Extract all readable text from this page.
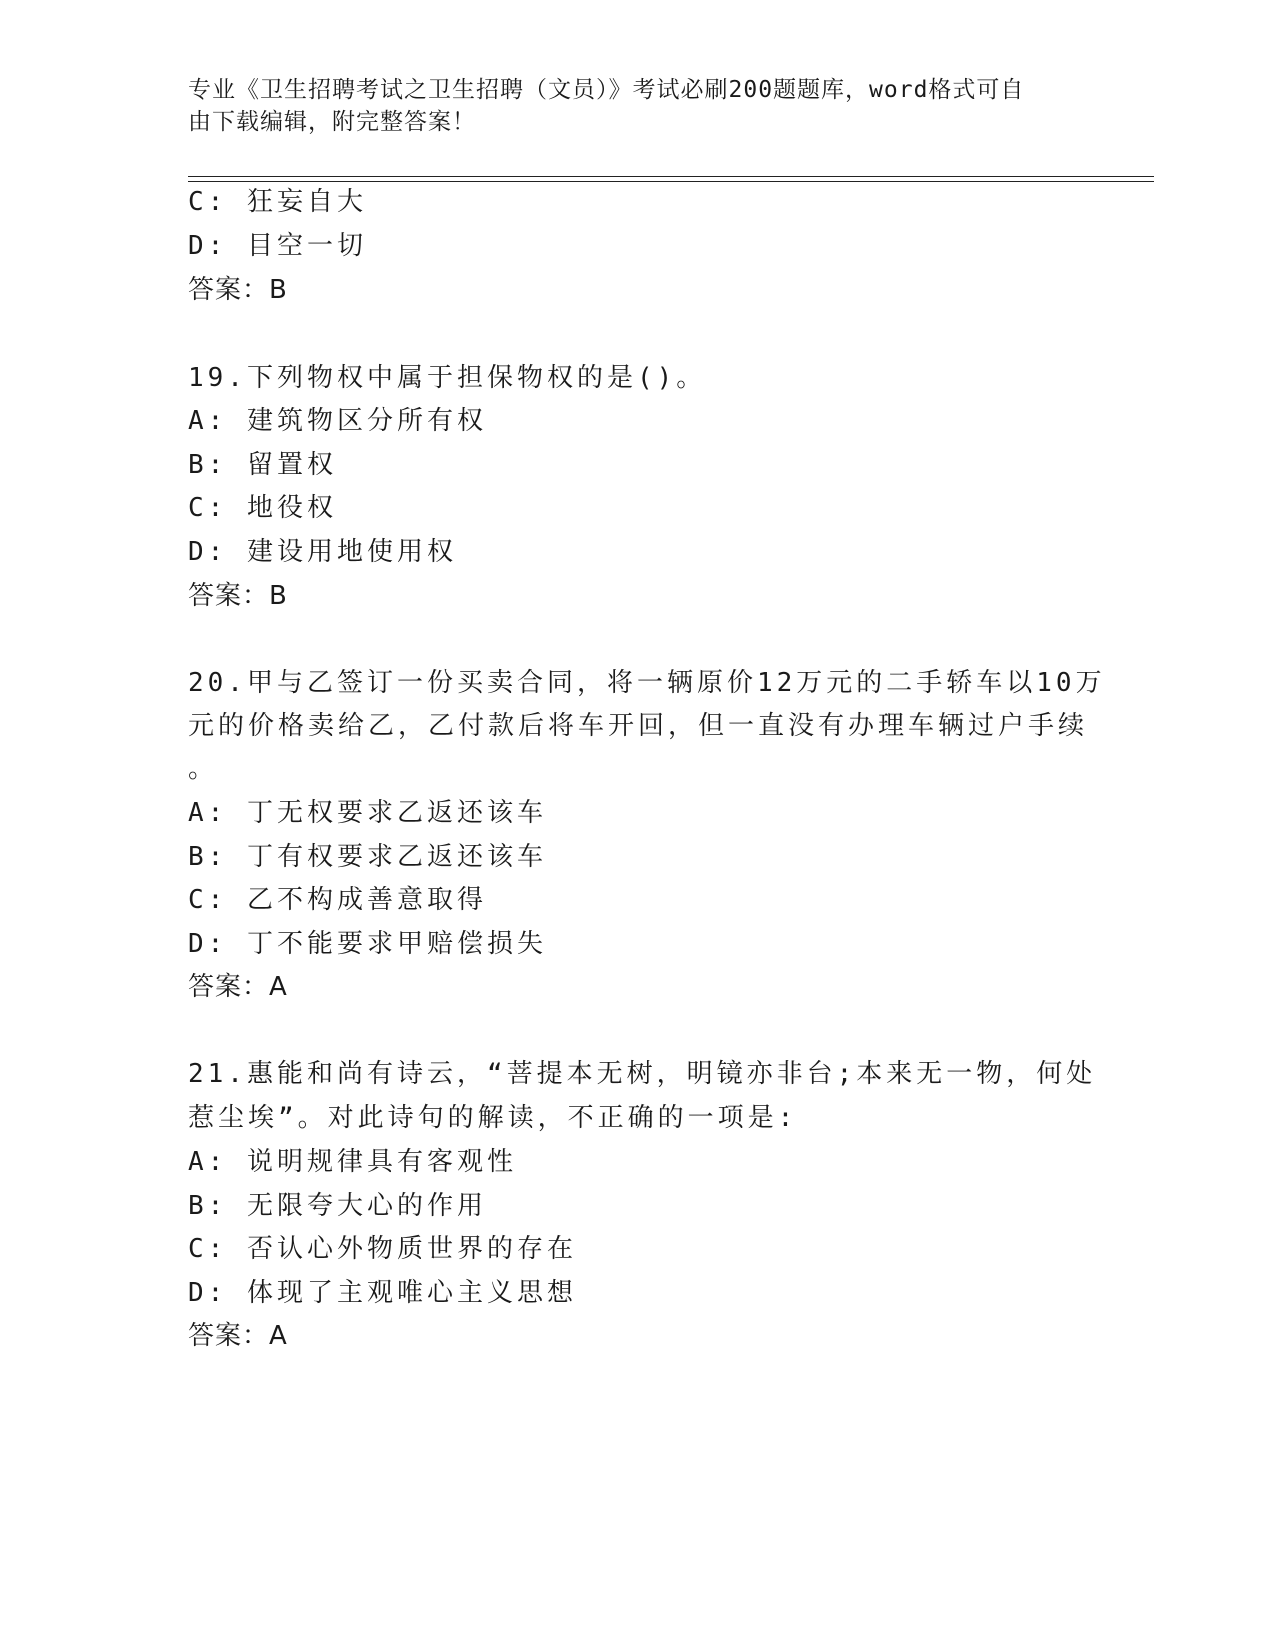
专业《卫生招聘考试之卫生招聘（文员）》考试必刷200题题库，word格式可自
由下载编辑，附完整答案！
C: 狂妄自大
D: 目空一切
答案：B
19.下列物权中属于担保物权的是()。
A: 建筑物区分所有权
B: 留置权
C: 地役权
D: 建设用地使用权
答案：B
20.甲与乙签订一份买卖合同，将一辆原价12万元的二手轿车以10万
元的价格卖给乙，乙付款后将车开回，但一直没有办理车辆过户手续
。
A: 丁无权要求乙返还该车
B: 丁有权要求乙返还该车
C: 乙不构成善意取得
D: 丁不能要求甲赔偿损失
答案：A
21.惠能和尚有诗云，“菩提本无树，明镜亦非台;本来无一物，何处
惹尘埃”。对此诗句的解读，不正确的一项是:
A: 说明规律具有客观性
B: 无限夸大心的作用
C: 否认心外物质世界的存在
D: 体现了主观唯心主义思想
答案：A
